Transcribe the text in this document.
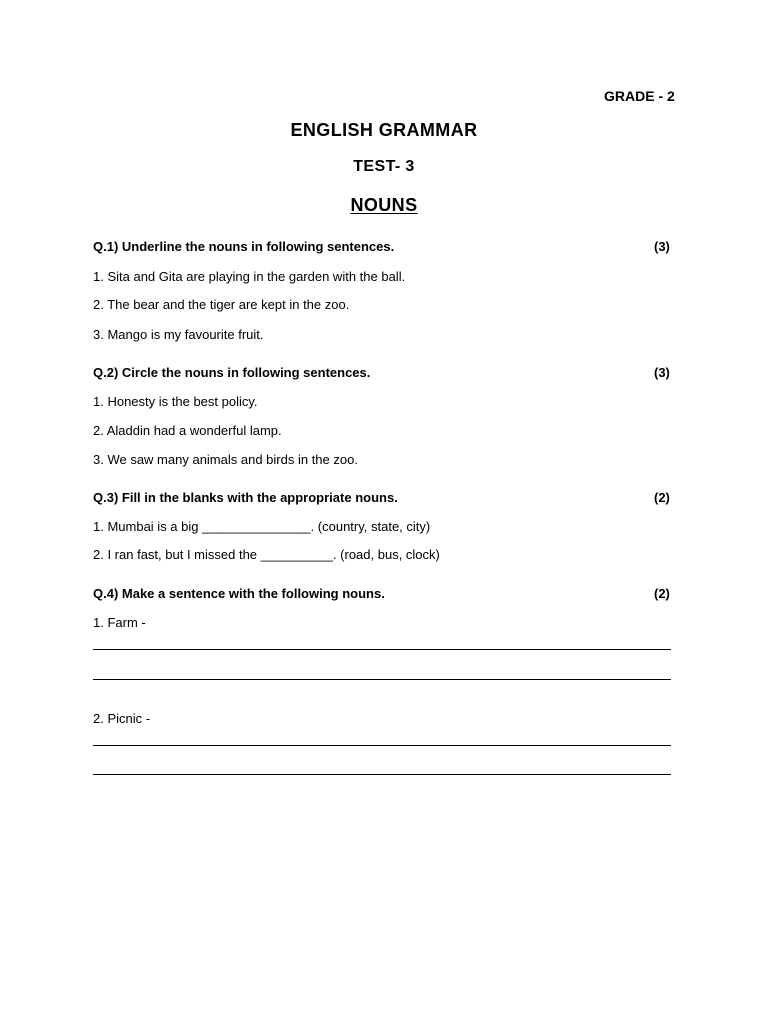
GRADE - 2
ENGLISH GRAMMAR
TEST- 3
NOUNS
Q.1) Underline the nouns in following sentences.	(3)
1. Sita and Gita are playing in the garden with the ball.
2. The bear and the tiger are kept in the zoo.
3. Mango is my favourite fruit.
Q.2) Circle the nouns in following sentences.	(3)
1. Honesty is the best policy.
2. Aladdin had a wonderful lamp.
3. We saw many animals and birds in the zoo.
Q.3) Fill in the blanks with the appropriate nouns.	(2)
1. Mumbai is a big _______________. (country, state, city)
2. I ran fast, but I missed the __________. (road, bus, clock)
Q.4) Make a sentence with the following nouns.	(2)
1. Farm -
2. Picnic -
